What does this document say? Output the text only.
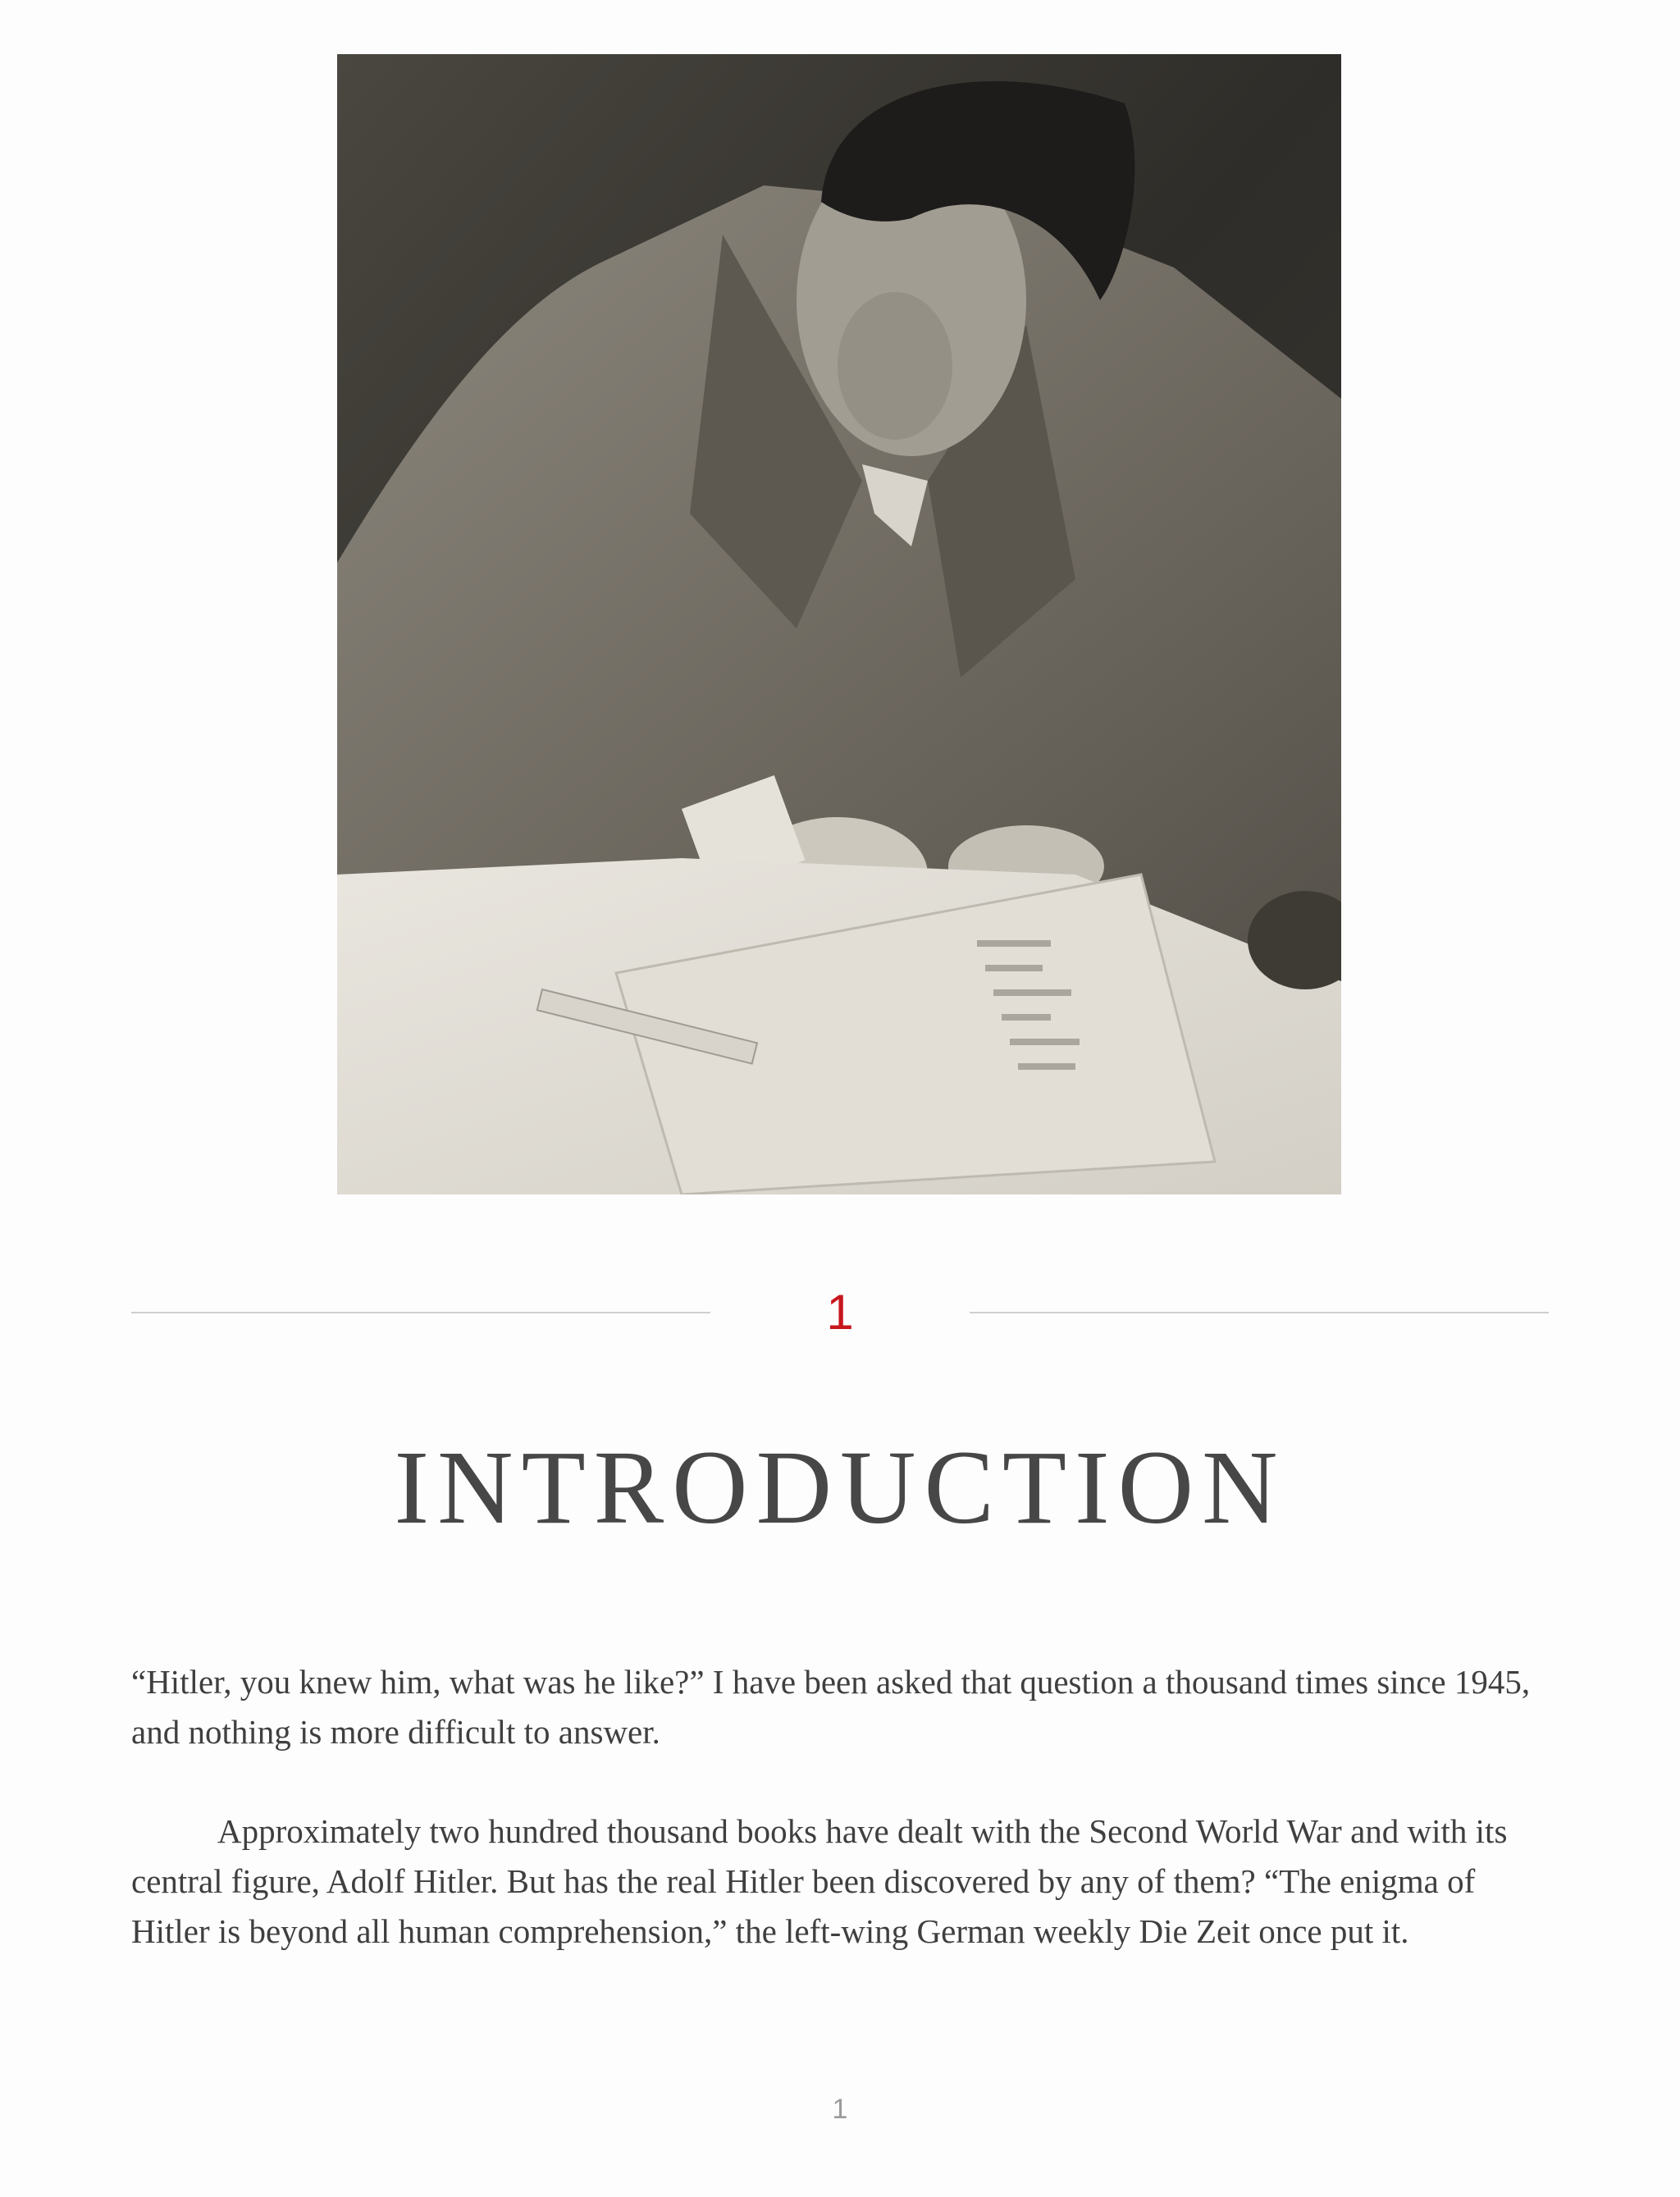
1
INTRODUCTION

“Hitler, you knew him, what was he like?” I have been asked that question a thousand times since 1945, and nothing is more difficult to answer.

Approximately two hundred thousand books have dealt with the Second World War and with its central figure, Adolf Hitler. But has the real Hitler been discovered by any of them? “The enigma of Hitler is beyond all human comprehension,” the left-wing German weekly Die Zeit once put it.

1
